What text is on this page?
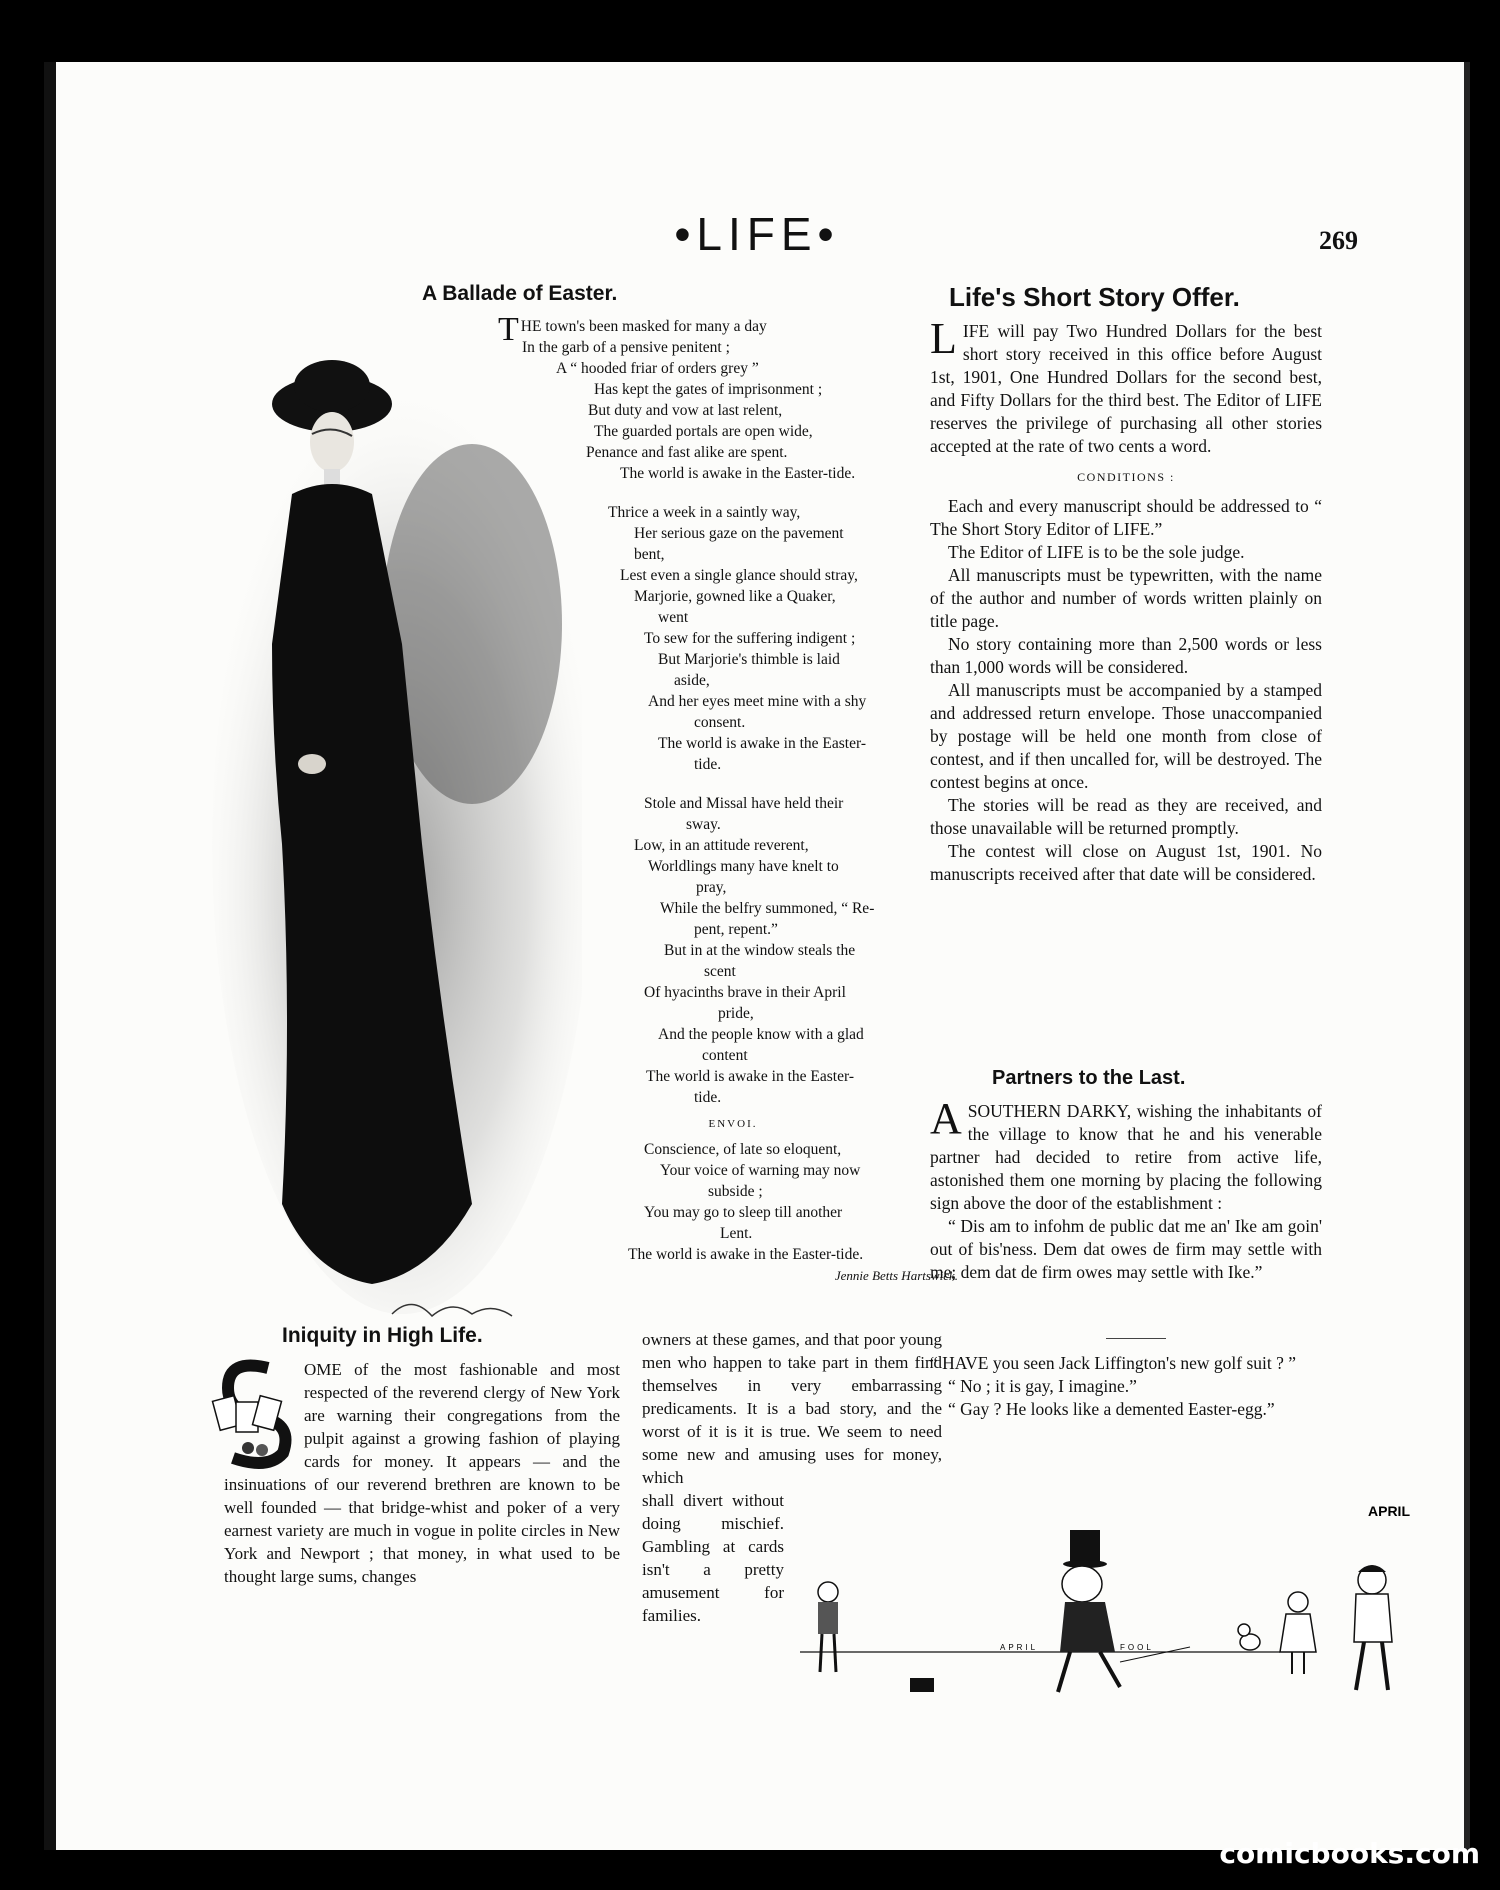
•LIFE•	269
A Ballade of Easter.
THE town's been masked for many a day
In the garb of a pensive penitent ;
A “ hooded friar of orders grey ”
Has kept the gates of imprisonment ;
But duty and vow at last relent,
The guarded portals are open wide,
Penance and fast alike are spent.
The world is awake in the Easter-tide.
Thrice a week in a saintly way,
Her serious gaze on the pavement
bent,
Lest even a single glance should stray,
Marjorie, gowned like a Quaker,
went
To sew for the suffering indigent ;
But Marjorie's thimble is laid
aside,
And her eyes meet mine with a shy
consent.
The world is awake in the Easter-
tide.
Stole and Missal have held their
sway.
Low, in an attitude reverent,
Worldlings many have knelt to
pray,
While the belfry summoned, “ Re-
pent, repent.”
But in at the window steals the
scent
Of hyacinths brave in their April
pride,
And the people know with a glad
content
The world is awake in the Easter-
tide.
ENVOI.
Conscience, of late so eloquent,
Your voice of warning may now
subside ;
You may go to sleep till another
Lent.
The world is awake in the Easter-tide.
Jennie Betts Hartswick.
Life's Short Story Offer.

LIFE will pay Two Hundred Dollars for the best short story received in this office before August 1st, 1901, One Hundred Dollars for the second best, and Fifty Dollars for the third best. The Editor of LIFE reserves the privilege of purchasing all other stories accepted at the rate of two cents a word.

CONDITIONS :

Each and every manuscript should be addressed to “ The Short Story Editor of LIFE.”

The Editor of LIFE is to be the sole judge.

All manuscripts must be typewritten, with the name of the author and number of words written plainly on title page.

No story containing more than 2,500 words or less than 1,000 words will be considered.

All manuscripts must be accompanied by a stamped and addressed return envelope. Those unaccompanied by postage will be held one month from close of contest, and if then uncalled for, will be destroyed. The contest begins at once.

The stories will be read as they are received, and those unavailable will be returned promptly.

The contest will close on August 1st, 1901. No manuscripts received after that date will be considered.

Partners to the Last.

ASOUTHERN DARKY, wishing the inhabitants of the village to know that he and his venerable partner had decided to retire from active life, astonished them one morning by placing the following sign above the door of the establishment :

“ Dis am to infohm de public dat me an' Ike am goin' out of bis'ness. Dem dat owes de firm may settle with me; dem dat de firm owes may settle with Ike.”

“ HAVE you seen Jack Liffington's new golf suit ? ”

“ No ; it is gay, I imagine.”

“ Gay ? He looks like a demented Easter-egg.”

Iniquity in High Life.
OME of the most fashionable and most respected of the reverend clergy of New York are warning their congregations from the pulpit against a growing fashion of playing cards for money. It appears — and the insinuations of our reverend brethren are known to be well founded — that bridge-whist and poker of a very earnest variety are much in vogue in polite circles in New York and Newport ; that money, in what used to be thought large sums, changes
owners at these games, and that poor young men who happen to take part in them find themselves in very embarrassing predicaments. It is a bad story, and the worst of it is it is true. We seem to need some new and amusing uses for money, which
shall divert without doing mischief. Gambling at cards isn't a pretty amusement for families.
APRIL	FOOL
APRIL
comicbooks.com
